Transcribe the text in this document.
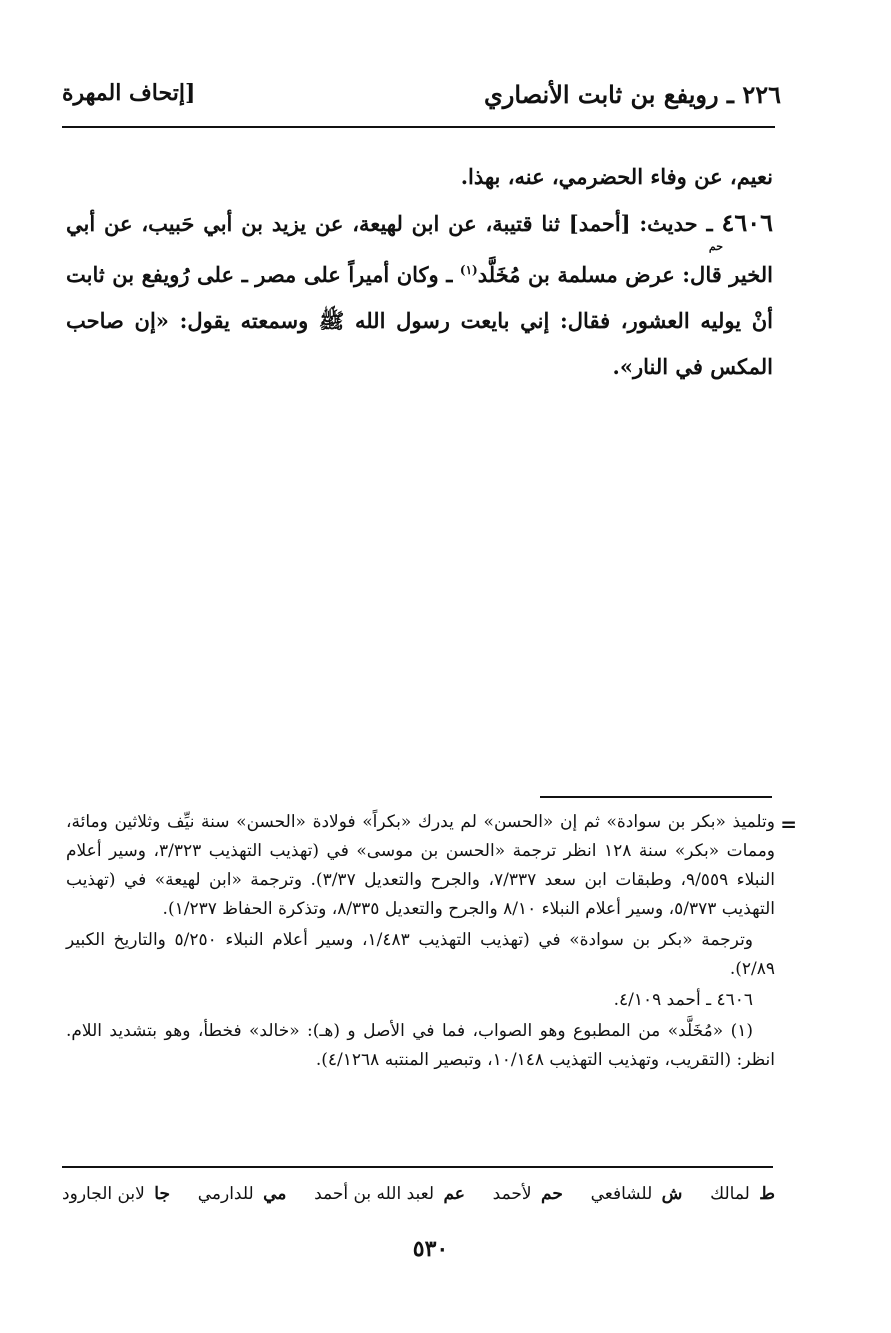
٢٢٦ ـ رويفع بن ثابت الأنصاري
[إتحاف المهرة

نعيم، عن وفاء الحضرمي، عنه، بهذا.

٤٦٠٦ ـ حديث: [أحمد] ثنا قتيبة، عن ابن لهيعة، عن يزيد بن أبي حَبيب، عن أبي الخير قال: عرض مسلمة بن مُخَلَّد$^{(١)}$ ـ وكان أميراً على مصر ـ على رُويفع بن ثابت أنْ يوليه العشور، فقال: إني بايعت رسول الله ﷺ وسمعته يقول: «إن صاحب المكس في النار».

حم
=

وتلميذ «بكر بن سوادة» ثم إن «الحسن» لم يدرك «بكراً» فولادة «الحسن» سنة نيِّف وثلاثين ومائة، وممات «بكر» سنة ١٢٨ انظر ترجمة «الحسن بن موسى» في (تهذيب التهذيب ٣/٣٢٣، وسير أعلام النبلاء ٩/٥٥٩، وطبقات ابن سعد ٧/٣٣٧، والجرح والتعديل ٣/٣٧). وترجمة «ابن لهيعة» في (تهذيب التهذيب ٥/٣٧٣، وسير أعلام النبلاء ٨/١٠ والجرح والتعديل ٨/٣٣٥، وتذكرة الحفاظ ١/٢٣٧).

وترجمة «بكر بن سوادة» في (تهذيب التهذيب ١/٤٨٣، وسير أعلام النبلاء ٥/٢٥٠ والتاريخ الكبير ٢/٨٩).

٤٦٠٦ ـ أحمد ٤/١٠٩.

(١) «مُخَلَّد» من المطبوع وهو الصواب، فما في الأصل و (هـ): «خالد» فخطأ، وهو بتشديد اللام. انظر: (التقريب، وتهذيب التهذيب ١٠/١٤٨، وتبصير المنتبه ٤/١٢٦٨).

ط لمالك
ش للشافعي
حم لأحمد
عم لعبد الله بن أحمد
مي للدارمي
جا لابن الجارود
٥٣٠
